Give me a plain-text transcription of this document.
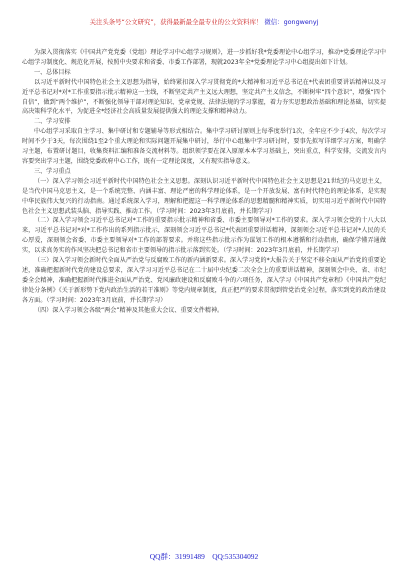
关注头条号“公文研究”，获得最新最全最专业的公文资料库！ 微信：gongwenyj

为深入贯彻落实《中国共产党党委（党组）理论学习中心组学习规则》，进一步抓好我*党委理论中心组学习，推动*党委理论学习中心组学习制度化、规范化开展，按照中央要求和省委、市委工作部署，现就2023年全*党委理论学习中心组提出如下计划。

一、总体目标

以习近平新时代中国特色社会主义思想为指导，始终紧扣深入学习贯彻党的*大精神和习近平总书记在*代表团重要讲话精神以及习近平总书记对*对*工作重要指示批示精神这一主线，不断坚定共产主义远大理想，坚定共产主义信念，不断树牢“四个意识”，增强“四个自信”，做到“两个维护”，不断强化领导干部对理论知识、党章党规、法律法规的学习掌握，着力夯实思想政治基础和理论基础，切实提高决策科学化水平，为促进全*经济社会高质量发展提供强大的理论支撑和精神动力。

二、学习安排

中心组学习采取自主学习、集中研讨和专题辅导等形式相结合。集中学习研讨原则上每季度举行1次，全年应不少于4次，每次学习时间不少于3天，每次围绕1至2个重大理论和实际问题开展集中研讨，举行中心组集中学习研讨时，要事先拟写详细学习方案，明确学习主题，布置研讨题目，收集资料汇编和准备交流材料等。组织领学要在深入原原本本学习基础上，突出重点，科学安排，交流发言内容要突出学习主题，围绕党委政府中心工作，既有一定理论深度，又有现实指导意义。

三、学习重点

（一）深入学习领会习近平新时代中国特色社会主义思想。深刻认识习近平新时代中国特色社会主义思想是21世纪的马克思主义，是当代中国马克思主义，是一个系统完整、内涵丰富、理论严密的科学理论体系，是一个开放发展、富有时代特色的理论体系，是实现中华民族伟大复兴的行动指南。通过系统深入学习，理解和把握这一科学理论体系的思想精髓和精神实质，切实用习近平新时代中国特色社会主义思想武装头脑、指导实践、推动工作。（学习时间：2023年3月底前，并长期学习）

（二）深入学习领会习近平总书记对*工作的重要指示批示精神和省委、市委主要领导对*工作的要求。深入学习领会党的十八大以来，习近平总书记对*对*工作作出的系列指示批示，深刻领会习近平总书记*代表团重要讲话精神，深刻领会习近平总书记对*人民的关心厚爱，深刻领会省委、市委主要领导对*工作的部署要求。并将这些指示批示作为谋划工作的根本遵循和行动指南，确保学懂弄通做实，以求真务实的作风坚决把总书记和省市主要领导的指示批示落到实处。（学习时间：2023年3月底前，并长期学习）

（三）深入学习领会新时代全面从严治党与反腐败工作的新内涵新要求。深入学习党的*大报告关于坚定不移全面从严治党的重要论述，准确把握新时代党的建设总要求，深入学习习近平总书记在二十届中央纪委二次全会上的重要讲话精神，深刻领会中央、省、市纪委全会精神，准确把握新时代推进全面从严治党、党风廉政建设和反腐败斗争的六项任务，深入学习《中国共产党章程》《中国共产党纪律处分条例》《关于新形势下党内政治生活的若干准则》等党内规章制度，真正把严的要求贯彻到管党治党全过程，落实到党的政治建设各方面。（学习时间：2023年3月底前，并长期学习）

（四）深入学习领会各级“两会”精神及其他重大会议、重要文件精神。

QQ群：31991489 QQ:535304092
